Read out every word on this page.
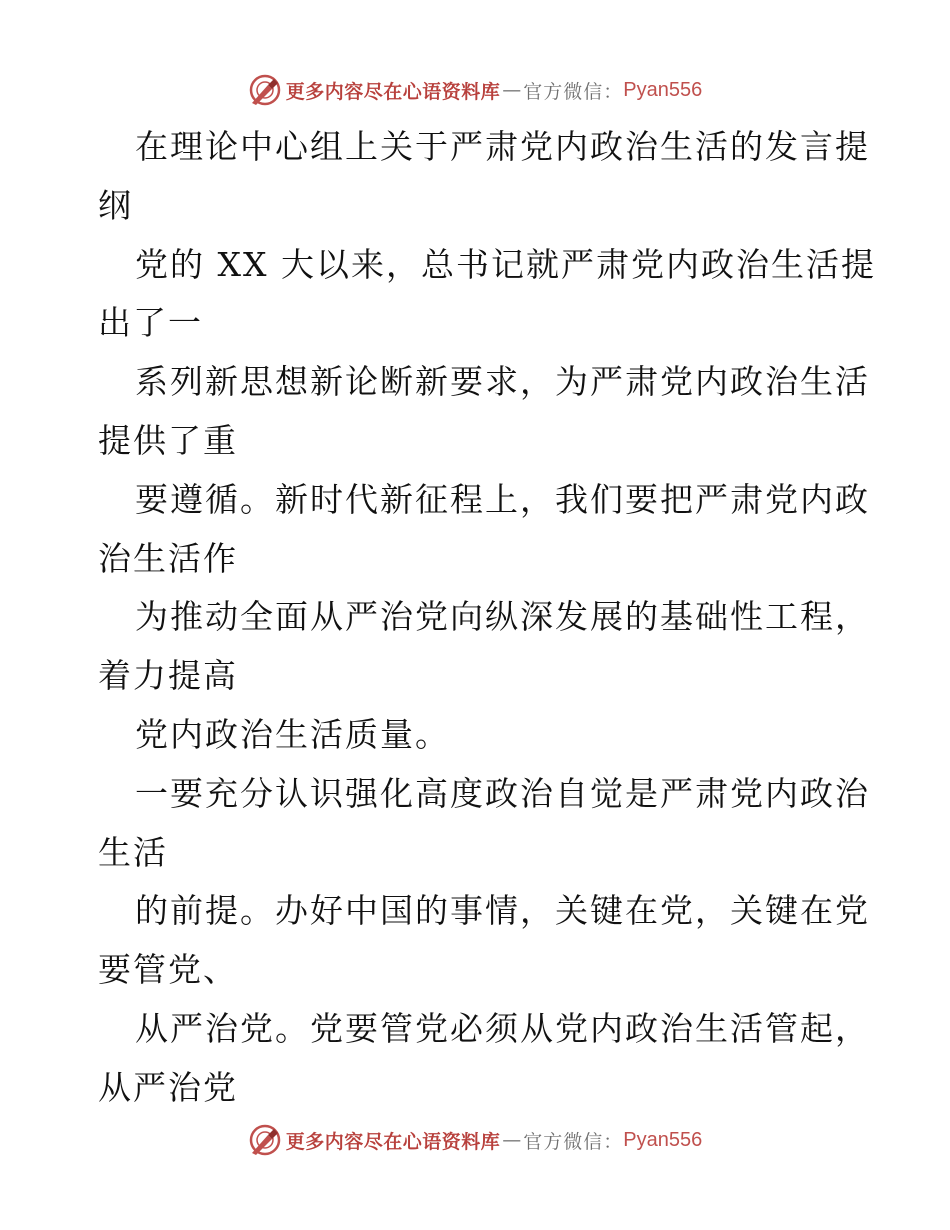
更多内容尽在心语资料库 — 官方微信： Pyan556
在理论中心组上关于严肃党内政治生活的发言提
纲
党的 XX 大以来，总书记就严肃党内政治生活提
出了一
系列新思想新论断新要求，为严肃党内政治生活
提供了重
要遵循。新时代新征程上，我们要把严肃党内政
治生活作
为推动全面从严治党向纵深发展的基础性工程，
着力提高
党内政治生活质量。
一要充分认识强化高度政治自觉是严肃党内政治
生活
的前提。办好中国的事情，关键在党，关键在党
要管党、
从严治党。党要管党必须从党内政治生活管起，
从严治党
更多内容尽在心语资料库 — 官方微信： Pyan556
